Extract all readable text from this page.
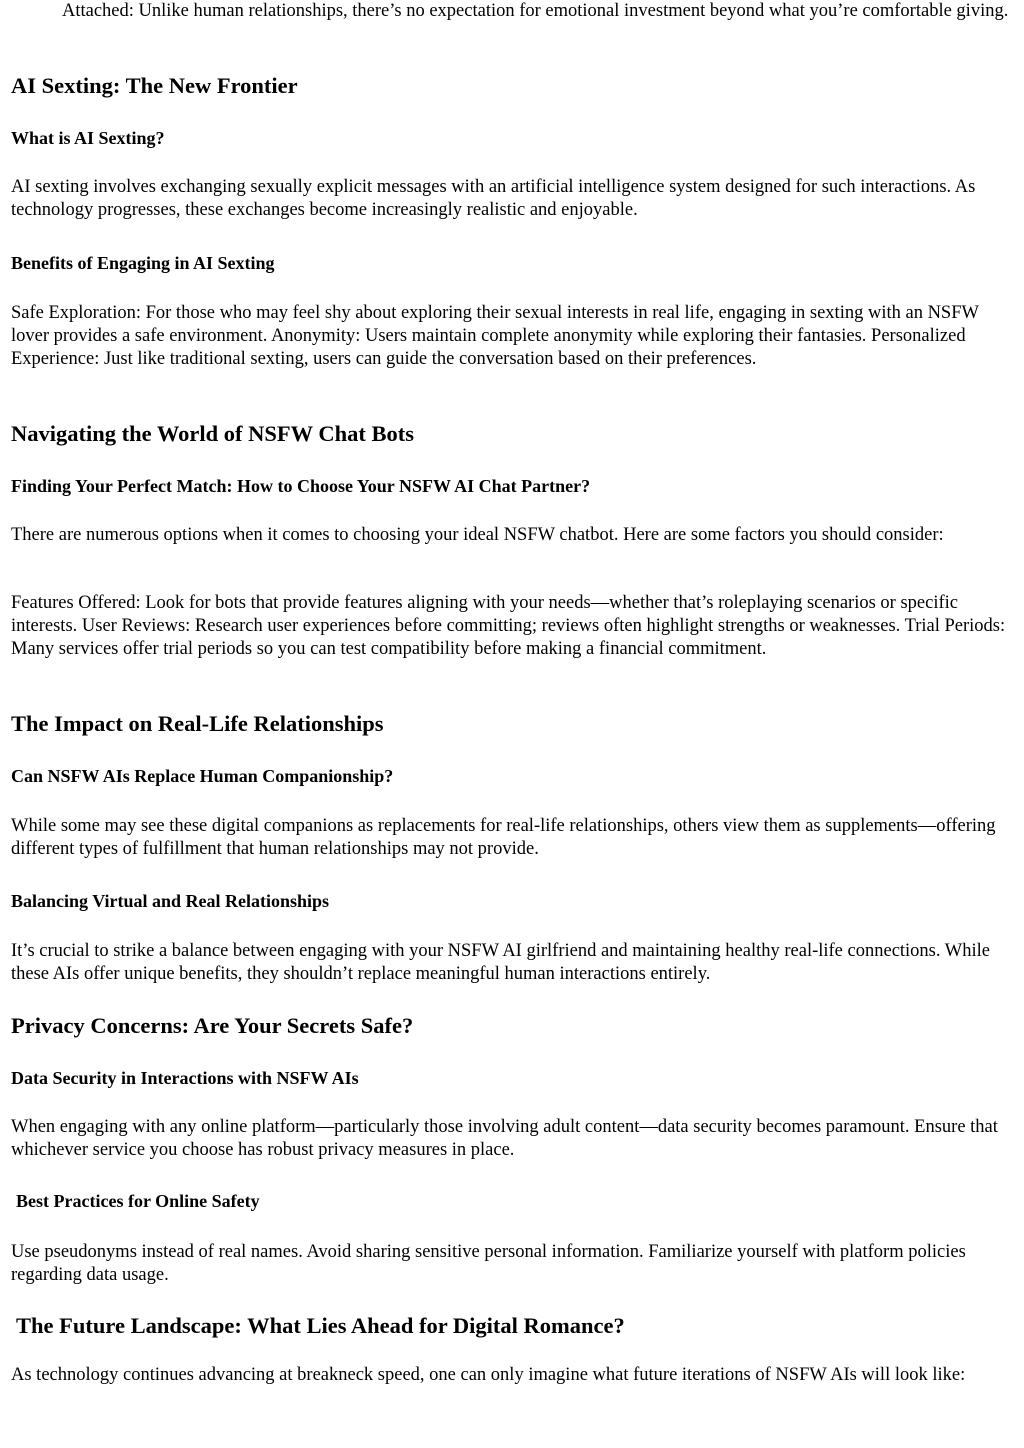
Attached: Unlike human relationships, there’s no expectation for emotional investment beyond what you’re comfortable giving.

AI Sexting: The New Frontier
What is AI Sexting?

AI sexting involves exchanging sexually explicit messages with an artificial intelligence system designed for such interactions. As technology progresses, these exchanges become increasingly realistic and enjoyable.

Benefits of Engaging in AI Sexting

Safe Exploration: For those who may feel shy about exploring their sexual interests in real life, engaging in sexting with an NSFW lover provides a safe environment. Anonymity: Users maintain complete anonymity while exploring their fantasies. Personalized Experience: Just like traditional sexting, users can guide the conversation based on their preferences.

Navigating the World of NSFW Chat Bots
Finding Your Perfect Match: How to Choose Your NSFW AI Chat Partner?

There are numerous options when it comes to choosing your ideal NSFW chatbot. Here are some factors you should consider:

Features Offered: Look for bots that provide features aligning with your needs—whether that’s roleplaying scenarios or specific interests. User Reviews: Research user experiences before committing; reviews often highlight strengths or weaknesses. Trial Periods: Many services offer trial periods so you can test compatibility before making a financial commitment.

The Impact on Real-Life Relationships
Can NSFW AIs Replace Human Companionship?

While some may see these digital companions as replacements for real-life relationships, others view them as supplements—offering different types of fulfillment that human relationships may not provide.

Balancing Virtual and Real Relationships

It’s crucial to strike a balance between engaging with your NSFW AI girlfriend and maintaining healthy real-life connections. While these AIs offer unique benefits, they shouldn’t replace meaningful human interactions entirely.

Privacy Concerns: Are Your Secrets Safe?
Data Security in Interactions with NSFW AIs

When engaging with any online platform—particularly those involving adult content—data security becomes paramount. Ensure that whichever service you choose has robust privacy measures in place.

Best Practices for Online Safety

Use pseudonyms instead of real names. Avoid sharing sensitive personal information. Familiarize yourself with platform policies regarding data usage.

The Future Landscape: What Lies Ahead for Digital Romance?

As technology continues advancing at breakneck speed, one can only imagine what future iterations of NSFW AIs will look like:
